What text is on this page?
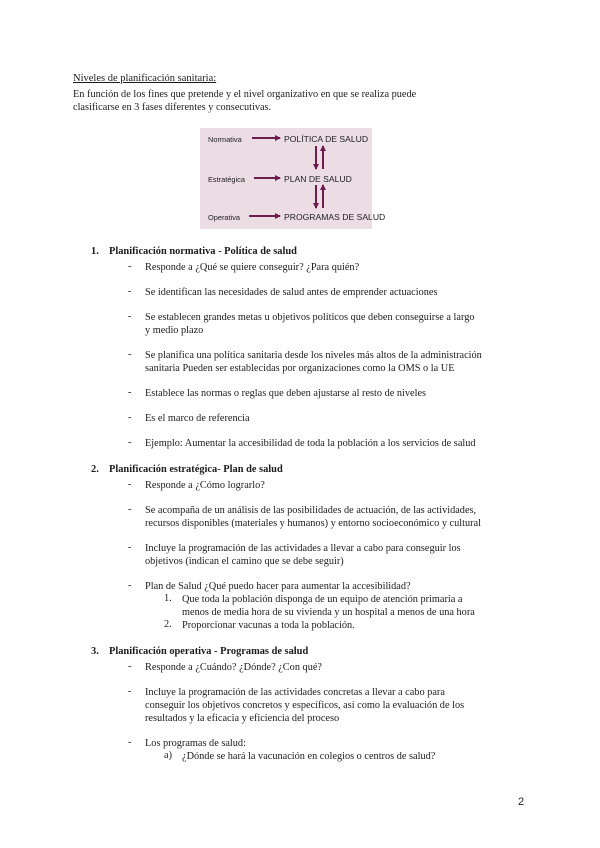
Niveles de planificación sanitaria:
En función de los fines que pretende y el nivel organizativo en que se realiza puede
clasificarse en 3 fases diferentes y consecutivas.
Normativa	POLÍTICA DE SALUD
Estratégica	PLAN DE SALUD
Operativa	PROGRAMAS DE SALUD
1. Planificación normativa - Política de salud
- Responde a ¿Qué se quiere conseguir? ¿Para quién?
- Se identifican las necesidades de salud antes de emprender actuaciones
- Se establecen grandes metas u objetivos políticos que deben conseguirse a largo
y medio plazo
- Se planifica una política sanitaria desde los niveles más altos de la administración
sanitaria Pueden ser establecidas por organizaciones como la OMS o la UE
- Establece las normas o reglas que deben ajustarse al resto de niveles
- Es el marco de referencia
- Ejemplo: Aumentar la accesibilidad de toda la población a los servicios de salud
2. Planificación estratégica- Plan de salud
- Responde a ¿Cómo lograrlo?
- Se acompaña de un análisis de las posibilidades de actuación, de las actividades,
recursos disponibles (materiales y humanos) y entorno socioeconómico y cultural
- Incluye la programación de las actividades a llevar a cabo para conseguir los
objetivos (indican el camino que se debe seguir)
- Plan de Salud ¿Qué puedo hacer para aumentar la accesibilidad?
1. Que toda la población disponga de un equipo de atención primaria a
menos de media hora de su vivienda y un hospital a menos de una hora
2. Proporcionar vacunas a toda la población.
3. Planificación operativa - Programas de salud
- Responde a ¿Cuándo? ¿Dónde? ¿Con qué?
- Incluye la programación de las actividades concretas a llevar a cabo para
conseguir los objetivos concretos y específicos, así como la evaluación de los
resultados y la eficacia y eficiencia del proceso
- Los programas de salud:
a) ¿Dónde se hará la vacunación en colegios o centros de salud?
2
